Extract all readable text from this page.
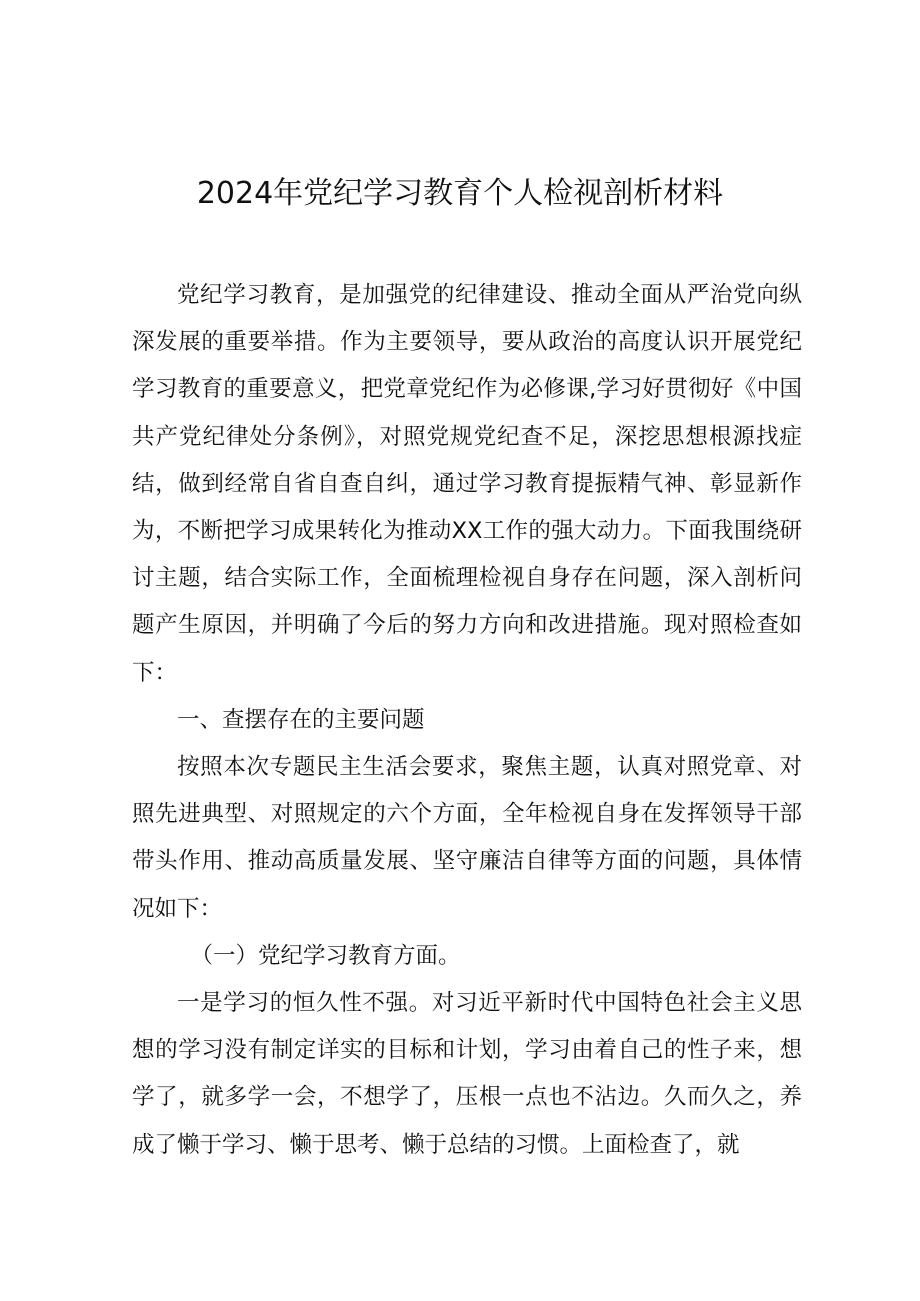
2024年党纪学习教育个人检视剖析材料

党纪学习教育，是加强党的纪律建设、推动全面从严治党向纵深发展的重要举措。作为主要领导，要从政治的高度认识开展党纪学习教育的重要意义，把党章党纪作为必修课,学习好贯彻好《中国共产党纪律处分条例》，对照党规党纪查不足，深挖思想根源找症结，做到经常自省自查自纠，通过学习教育提振精气神、彰显新作为，不断把学习成果转化为推动XX工作的强大动力。下面我围绕研讨主题，结合实际工作，全面梳理检视自身存在问题，深入剖析问题产生原因，并明确了今后的努力方向和改进措施。现对照检查如下：

一、查摆存在的主要问题

按照本次专题民主生活会要求，聚焦主题，认真对照党章、对照先进典型、对照规定的六个方面，全年检视自身在发挥领导干部带头作用、推动高质量发展、坚守廉洁自律等方面的问题，具体情况如下：

（一）党纪学习教育方面。

一是学习的恒久性不强。对习近平新时代中国特色社会主义思想的学习没有制定详实的目标和计划，学习由着自己的性子来，想学了，就多学一会，不想学了，压根一点也不沾边。久而久之，养成了懒于学习、懒于思考、懒于总结的习惯。上面检查了，就
